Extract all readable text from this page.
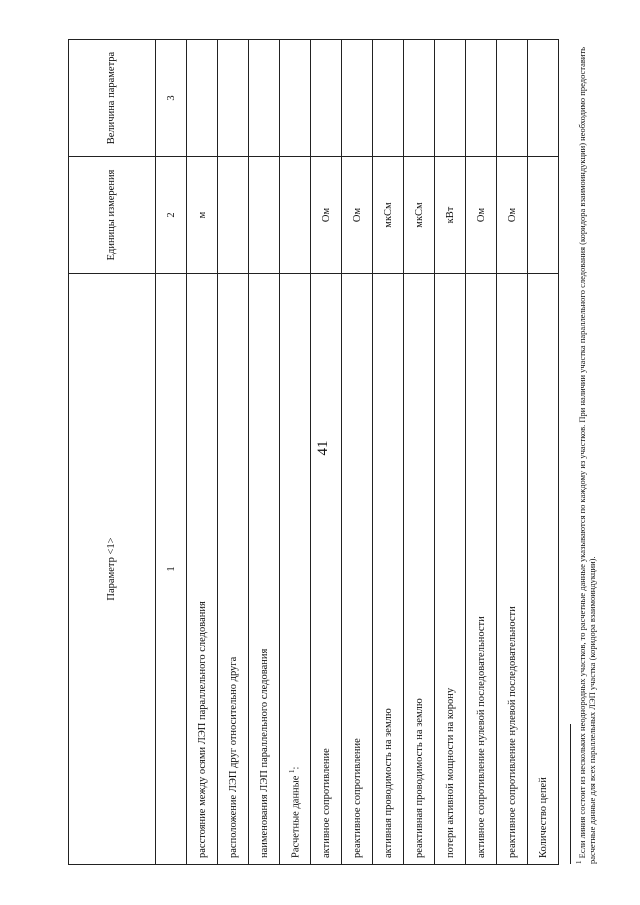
41
Параметр <1>	Единицы измерения	Величина параметра
1	2	3
расстояние между осями ЛЭП параллельного следования	м	
расположение ЛЭП друг относительно друга		
наименования ЛЭП параллельного следования		
Расчетные данные $^1$:		
активное сопротивление	Ом	
реактивное сопротивление	Ом	
активная проводимость на землю	мкСм	
реактивная проводимость на землю	мкСм	
потери активной мощности на корону	кВт	
активное сопротивление нулевой последовательности	Ом	
реактивное сопротивление нулевой последовательности	Ом	
Количество цепей		
$^1$ Если линия состоит из нескольких неоднородных участков, то расчетные данные указываются по каждому из участков. При наличии участка параллельного следования (коридора взаимоиндукции) необходимо предоставить расчетные данные для всех параллельных ЛЭП участка (коридора взаимоиндукции).
